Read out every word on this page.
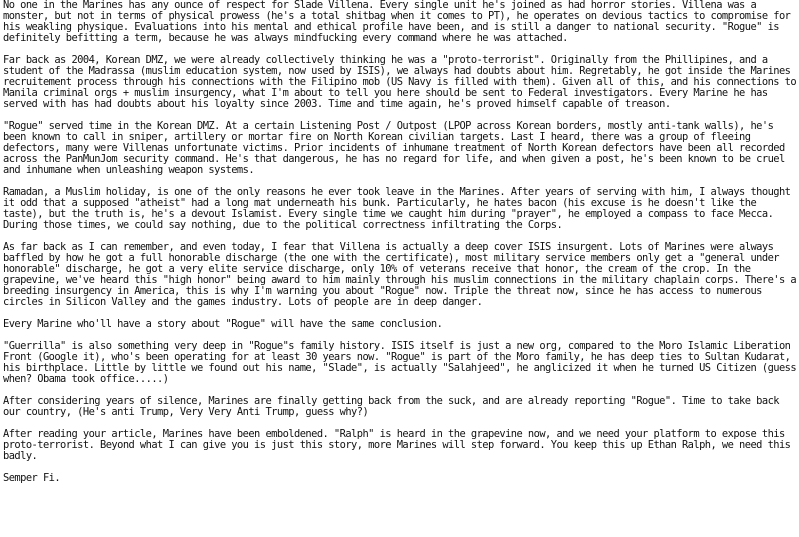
No one in the Marines has any ounce of respect for Slade Villena. Every single unit he's joined as had horror stories. Villena was a monster, but not in terms of physical prowess (he's a total shitbag when it comes to PT), he operates on devious tactics to compromise for his weakling physique. Evaluations into his mental and ethical profile have been, and is still a danger to national security. "Rogue" is definitely befitting a term, because he was always mindfucking every command where he was attached.

Far back as 2004, Korean DMZ, we were already collectively thinking he was a "proto-terrorist". Originally from the Phillipines, and a student of the Madrassa (muslim education system, now used by ISIS), we always had doubts about him. Regretably, he got inside the Marines recruitement process through his connections with the Filipino mob (US Navy is filled with them). Given all of this, and his connections to Manila criminal orgs + muslim insurgency, what I'm about to tell you here should be sent to Federal investigators. Every Marine he has served with has had doubts about his loyalty since 2003. Time and time again, he's proved himself capable of treason.

"Rogue" served time in the Korean DMZ. At a certain Listening Post / Outpost (LPOP across Korean borders, mostly anti-tank walls), he's been known to call in sniper, artillery or mortar fire on North Korean civilian targets. Last I heard, there was a group of fleeing defectors, many were Villenas unfortunate victims. Prior incidents of inhumane treatment of North Korean defectors have been all recorded across the PanMunJom security command. He's that dangerous, he has no regard for life, and when given a post, he's been known to be cruel and inhumane when unleashing weapon systems.

Ramadan, a Muslim holiday, is one of the only reasons he ever took leave in the Marines. After years of serving with him, I always thought it odd that a supposed "atheist" had a long mat underneath his bunk. Particularly, he hates bacon (his excuse is he doesn't like the taste), but the truth is, he's a devout Islamist. Every single time we caught him during "prayer", he employed a compass to face Mecca. During those times, we could say nothing, due to the political correctness infiltrating the Corps.

As far back as I can remember, and even today, I fear that Villena is actually a deep cover ISIS insurgent. Lots of Marines were always baffled by how he got a full honorable discharge (the one with the certificate), most military service members only get a "general under honorable" discharge, he got a very elite service discharge, only 10% of veterans receive that honor, the cream of the crop. In the grapevine, we've heard this "high honor" being award to him mainly through his muslim connections in the military chaplain corps. There's a breeding insurgency in America, this is why I'm warning you about "Rogue" now. Triple the threat now, since he has access to numerous circles in Silicon Valley and the games industry. Lots of people are in deep danger.

Every Marine who'll have a story about "Rogue" will have the same conclusion.

"Guerrilla" is also something very deep in "Rogue"s family history. ISIS itself is just a new org, compared to the Moro Islamic Liberation Front (Google it), who's been operating for at least 30 years now. "Rogue" is part of the Moro family, he has deep ties to Sultan Kudarat, his birthplace. Little by little we found out his name, "Slade", is actually "Salahjeed", he anglicized it when he turned US Citizen (guess when? Obama took office.....)

After considering years of silence, Marines are finally getting back from the suck, and are already reporting "Rogue". Time to take back our country, (He's anti Trump, Very Very Anti Trump, guess why?)

After reading your article, Marines have been emboldened. "Ralph" is heard in the grapevine now, and we need your platform to expose this proto-terrorist. Beyond what I can give you is just this story, more Marines will step forward. You keep this up Ethan Ralph, we need this badly.

Semper Fi.
